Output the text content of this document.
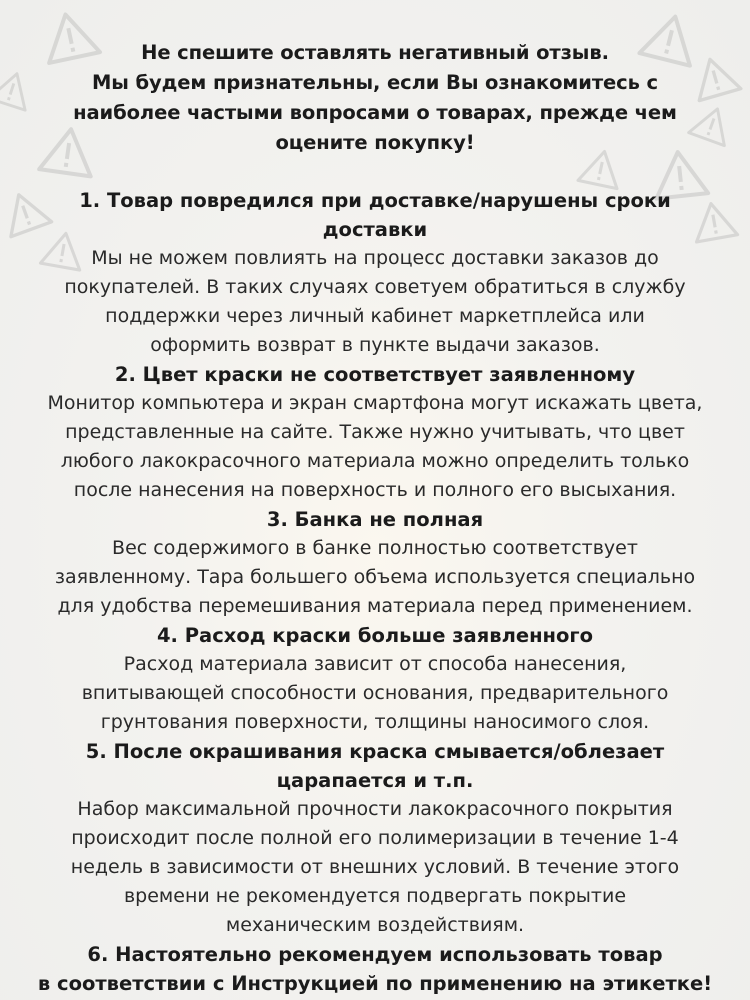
Не спешите оставлять негативный отзыв.
Мы будем признательны, если Вы ознакомитесь с
наиболее частыми вопросами о товарах, прежде чем
оцените покупку!
1. Товар повредился при доставке/нарушены сроки
доставки
Мы не можем повлиять на процесс доставки заказов до
покупателей. В таких случаях советуем обратиться в службу
поддержки через личный кабинет маркетплейса или
оформить возврат в пункте выдачи заказов.
2. Цвет краски не соответствует заявленному
Монитор компьютера и экран смартфона могут искажать цвета,
представленные на сайте. Также нужно учитывать, что цвет
любого лакокрасочного материала можно определить только
после нанесения на поверхность и полного его высыхания.
3. Банка не полная
Вес содержимого в банке полностью соответствует
заявленному. Тара большего объема используется специально
для удобства перемешивания материала перед применением.
4. Расход краски больше заявленного
Расход материала зависит от способа нанесения,
впитывающей способности основания, предварительного
грунтования поверхности, толщины наносимого слоя.
5. После окрашивания краска смывается/облезает
царапается и т.п.
Набор максимальной прочности лакокрасочного покрытия
происходит после полной его полимеризации в течение 1-4
недель в зависимости от внешних условий. В течение этого
времени не рекомендуется подвергать покрытие
механическим воздействиям.
6. Настоятельно рекомендуем использовать товар
в соответствии с Инструкцией по применению на этикетке!
